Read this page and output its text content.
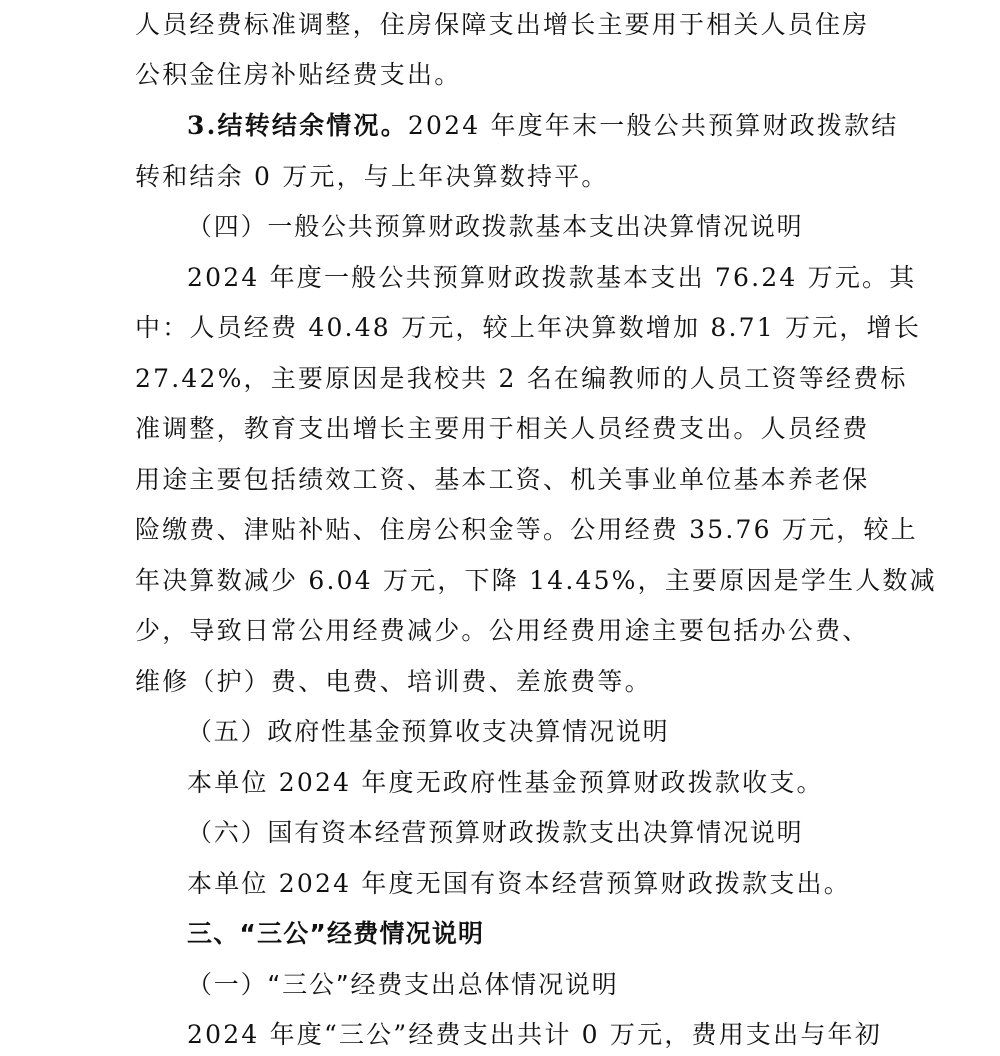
人员经费标准调整，住房保障支出增长主要用于相关人员住房
公积金住房补贴经费支出。
3.结转结余情况。2024 年度年末一般公共预算财政拨款结
转和结余 0 万元，与上年决算数持平。
（四）一般公共预算财政拨款基本支出决算情况说明
2024 年度一般公共预算财政拨款基本支出 76.24 万元。其
中：人员经费 40.48 万元，较上年决算数增加 8.71 万元，增长
27.42%，主要原因是我校共 2 名在编教师的人员工资等经费标
准调整，教育支出增长主要用于相关人员经费支出。人员经费
用途主要包括绩效工资、基本工资、机关事业单位基本养老保
险缴费、津贴补贴、住房公积金等。公用经费 35.76 万元，较上
年决算数减少 6.04 万元，下降 14.45%，主要原因是学生人数减
少，导致日常公用经费减少。公用经费用途主要包括办公费、
维修（护）费、电费、培训费、差旅费等。
（五）政府性基金预算收支决算情况说明
本单位 2024 年度无政府性基金预算财政拨款收支。
（六）国有资本经营预算财政拨款支出决算情况说明
本单位 2024 年度无国有资本经营预算财政拨款支出。
三、“三公”经费情况说明
（一）“三公”经费支出总体情况说明
2024 年度“三公”经费支出共计 0 万元，费用支出与年初
